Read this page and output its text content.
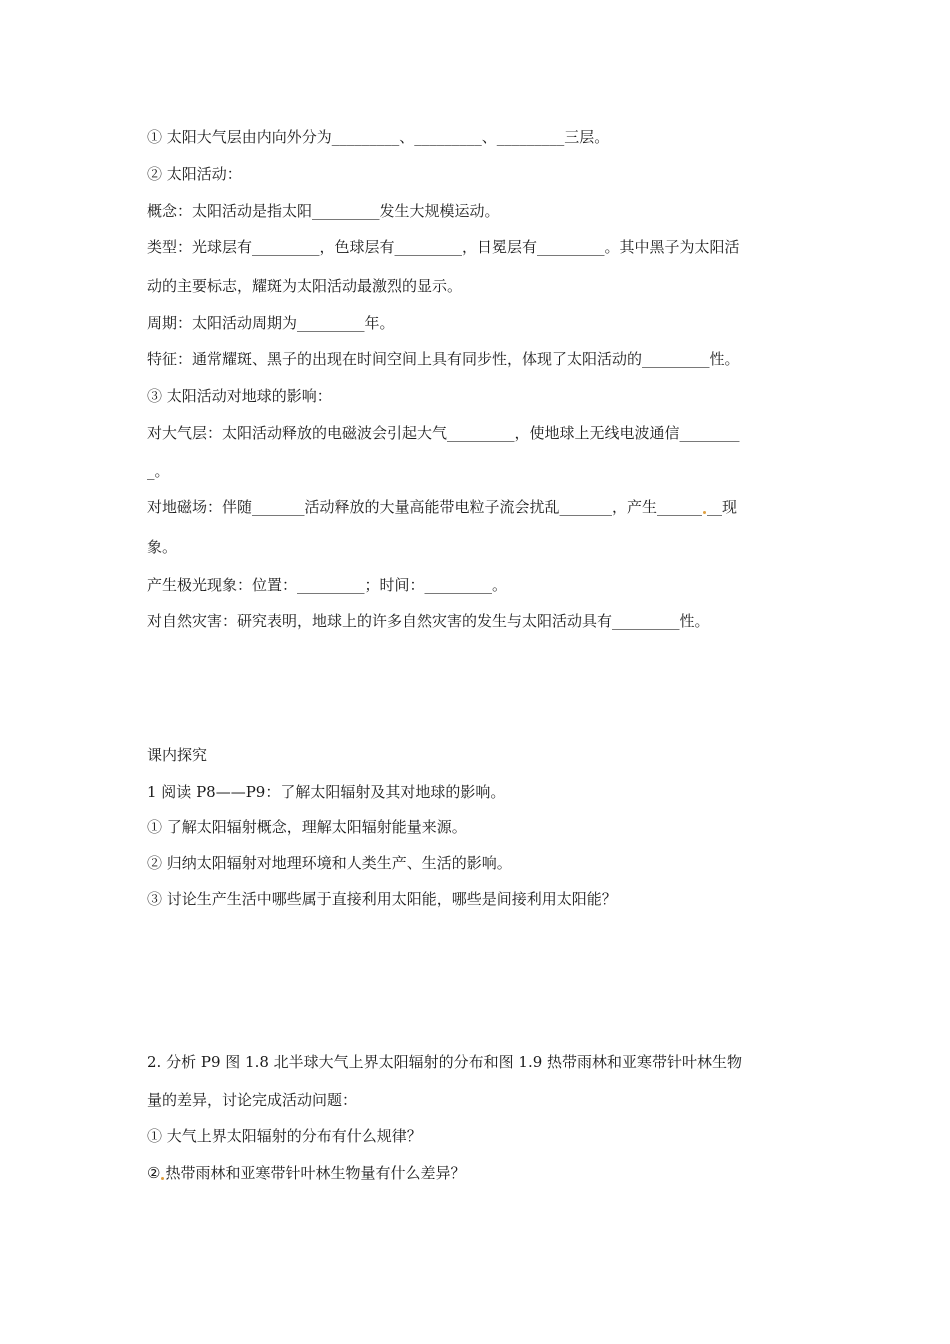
① 太阳大气层由内向外分为_________、_________、_________三层。
② 太阳活动：
概念：太阳活动是指太阳_________发生大规模运动。
类型：光球层有_________，色球层有_________，日冕层有_________。其中黑子为太阳活
动的主要标志，耀斑为太阳活动最激烈的显示。
周期：太阳活动周期为_________年。
特征：通常耀斑、黑子的出现在时间空间上具有同步性，体现了太阳活动的_________性。
③ 太阳活动对地球的影响：
对大气层：太阳活动释放的电磁波会引起大气_________，使地球上无线电波通信________
_。
对地磁场：伴随_______活动释放的大量高能带电粒子流会扰乱_______，产生______ __现
象。
产生极光现象：位置：_________；时间：_________。
对自然灾害：研究表明，地球上的许多自然灾害的发生与太阳活动具有_________性。
课内探究
1 阅读 P8——P9：了解太阳辐射及其对地球的影响。
① 了解太阳辐射概念，理解太阳辐射能量来源。
② 归纳太阳辐射对地理环境和人类生产、生活的影响。
③ 讨论生产生活中哪些属于直接利用太阳能，哪些是间接利用太阳能？
2. 分析 P9 图 1.8 北半球大气上界太阳辐射的分布和图 1.9 热带雨林和亚寒带针叶林生物
量的差异，讨论完成活动问题：
① 大气上界太阳辐射的分布有什么规律？
② 热带雨林和亚寒带针叶林生物量有什么差异？
